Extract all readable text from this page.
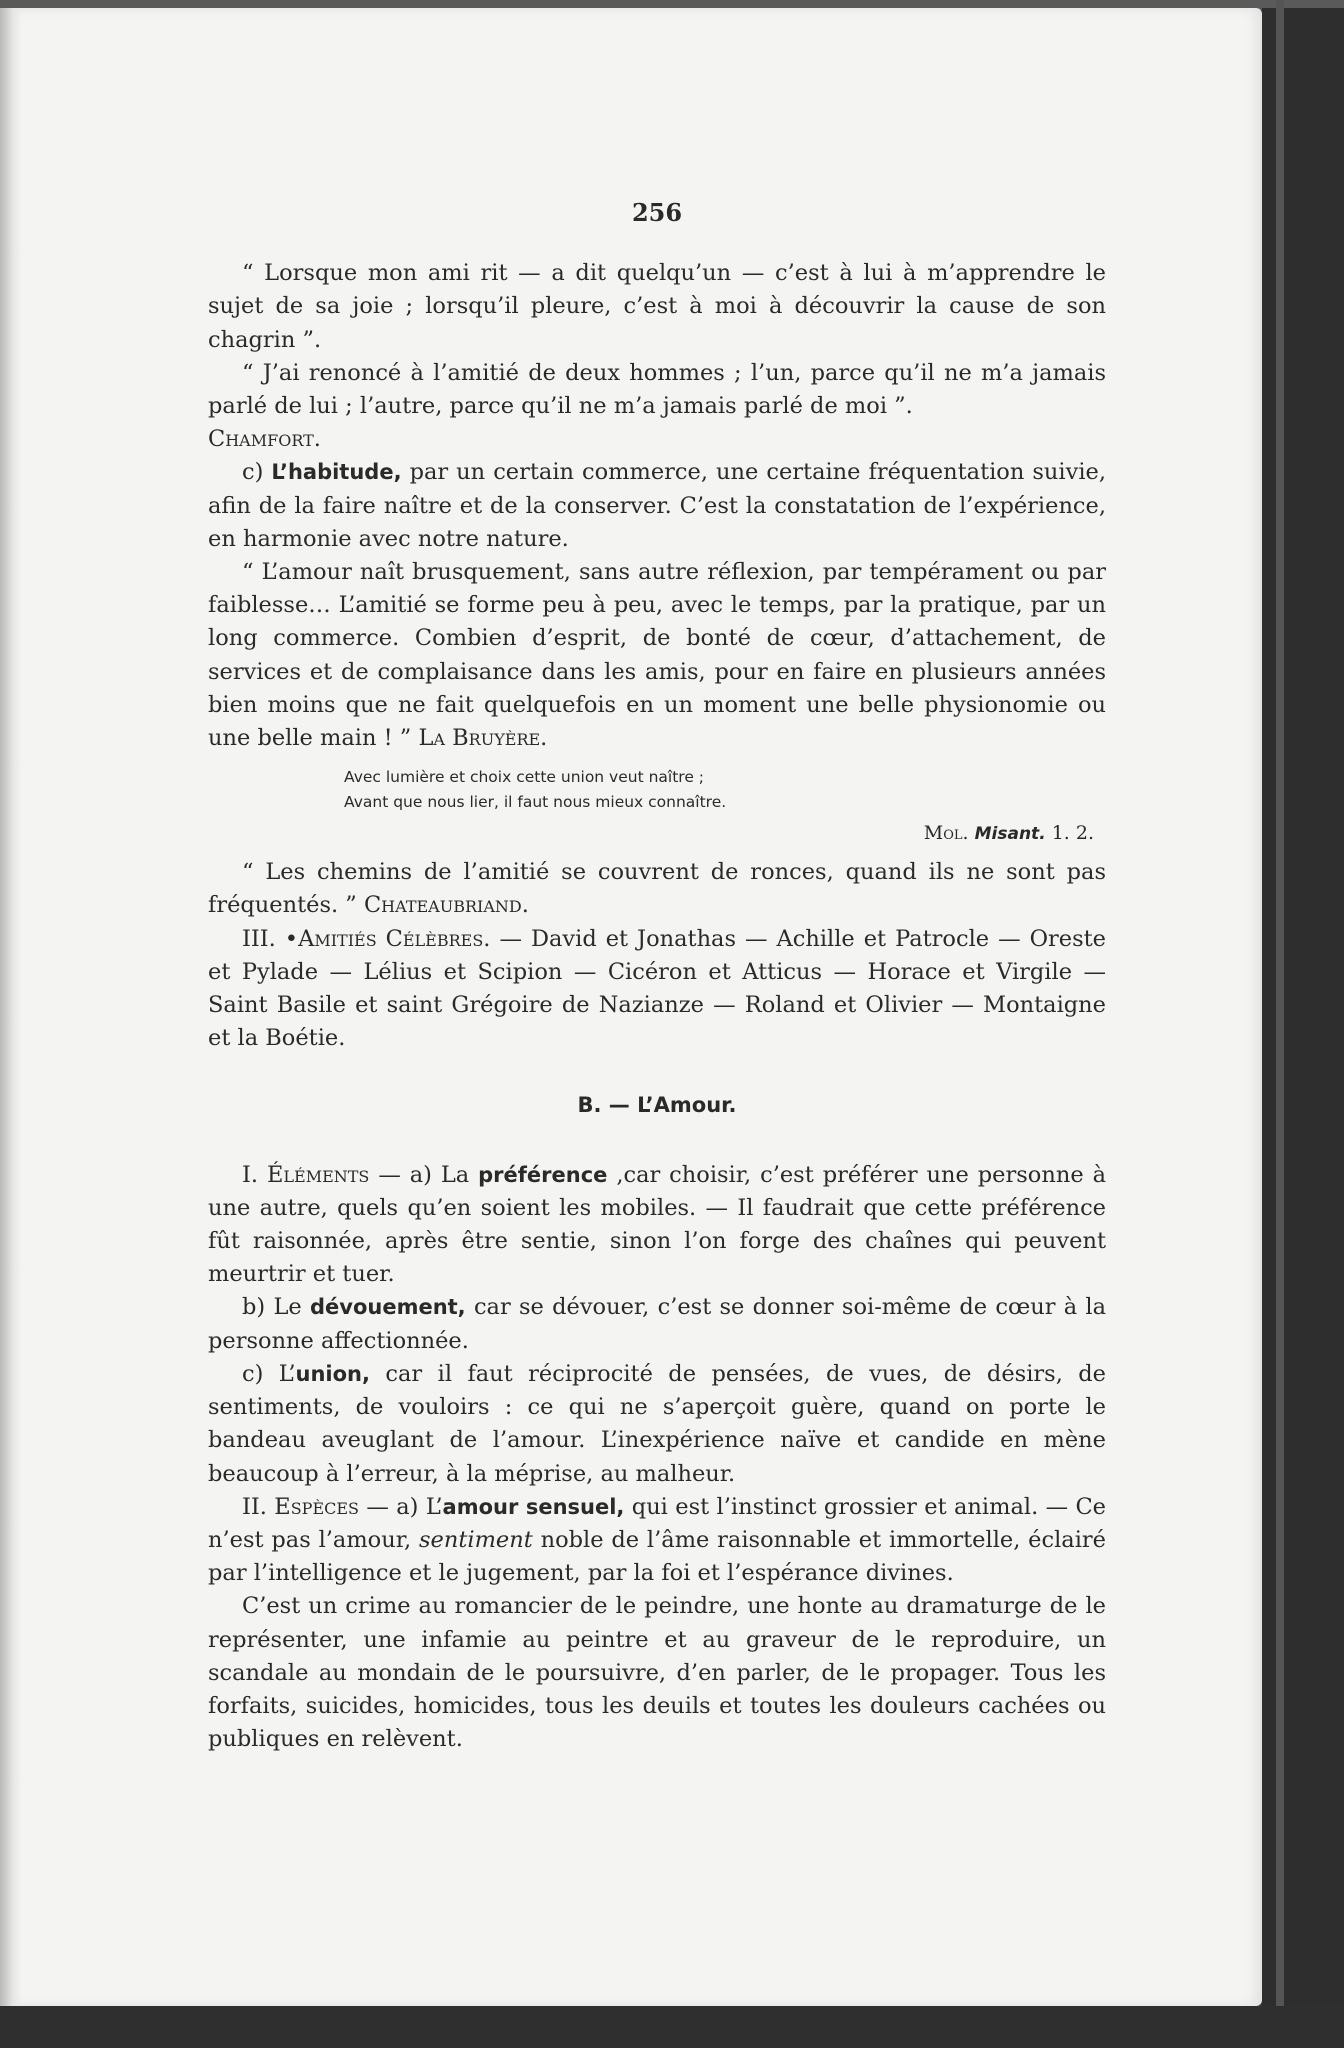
256

“ Lorsque mon ami rit — a dit quelqu’un — c’est à lui à m’apprendre le sujet de sa joie ; lorsqu’il pleure, c’est à moi à découvrir la cause de son chagrin ”.

“ J’ai renoncé à l’amitié de deux hommes ; l’un, parce qu’il ne m’a jamais parlé de lui ; l’autre, parce qu’il ne m’a jamais parlé de moi ”.

Chamfort.

c) L’habitude, par un certain commerce, une certaine fréquentation suivie, afin de la faire naître et de la conserver. C’est la constatation de l’expérience, en harmonie avec notre nature.

“ L’amour naît brusquement, sans autre réflexion, par tempérament ou par faiblesse… L’amitié se forme peu à peu, avec le temps, par la pratique, par un long commerce. Combien d’esprit, de bonté de cœur, d’attachement, de services et de complaisance dans les amis, pour en faire en plusieurs années bien moins que ne fait quelquefois en un moment une belle physionomie ou une belle main ! ” La Bruyère.

Avec lumière et choix cette union veut naître ;
Avant que nous lier, il faut nous mieux connaître.
Mol. Misant. 1. 2.

“ Les chemins de l’amitié se couvrent de ronces, quand ils ne sont pas fréquentés. ” Chateaubriand.

III. •Amitiés Célèbres. — David et Jonathas — Achille et Patrocle — Oreste et Pylade — Lélius et Scipion — Cicéron et Atticus — Horace et Virgile — Saint Basile et saint Grégoire de Nazianze — Roland et Olivier — Montaigne et la Boétie.

B. — L’Amour.

I. Éléments — a) La préférence ,car choisir, c’est préférer une personne à une autre, quels qu’en soient les mobiles. — Il faudrait que cette préférence fût raisonnée, après être sentie, sinon l’on forge des chaînes qui peuvent meurtrir et tuer.

b) Le dévouement, car se dévouer, c’est se donner soi-même de cœur à la personne affectionnée.

c) L’union, car il faut réciprocité de pensées, de vues, de désirs, de sentiments, de vouloirs : ce qui ne s’aperçoit guère, quand on porte le bandeau aveuglant de l’amour. L’inexpérience naïve et candide en mène beaucoup à l’erreur, à la méprise, au malheur.

II. Espèces — a) L’amour sensuel, qui est l’instinct grossier et animal. — Ce n’est pas l’amour, sentiment noble de l’âme raisonnable et immortelle, éclairé par l’intelligence et le jugement, par la foi et l’espérance divines.

C’est un crime au romancier de le peindre, une honte au dramaturge de le représenter, une infamie au peintre et au graveur de le reproduire, un scandale au mondain de le poursuivre, d’en parler, de le propager. Tous les forfaits, suicides, homicides, tous les deuils et toutes les douleurs cachées ou publiques en relèvent.
